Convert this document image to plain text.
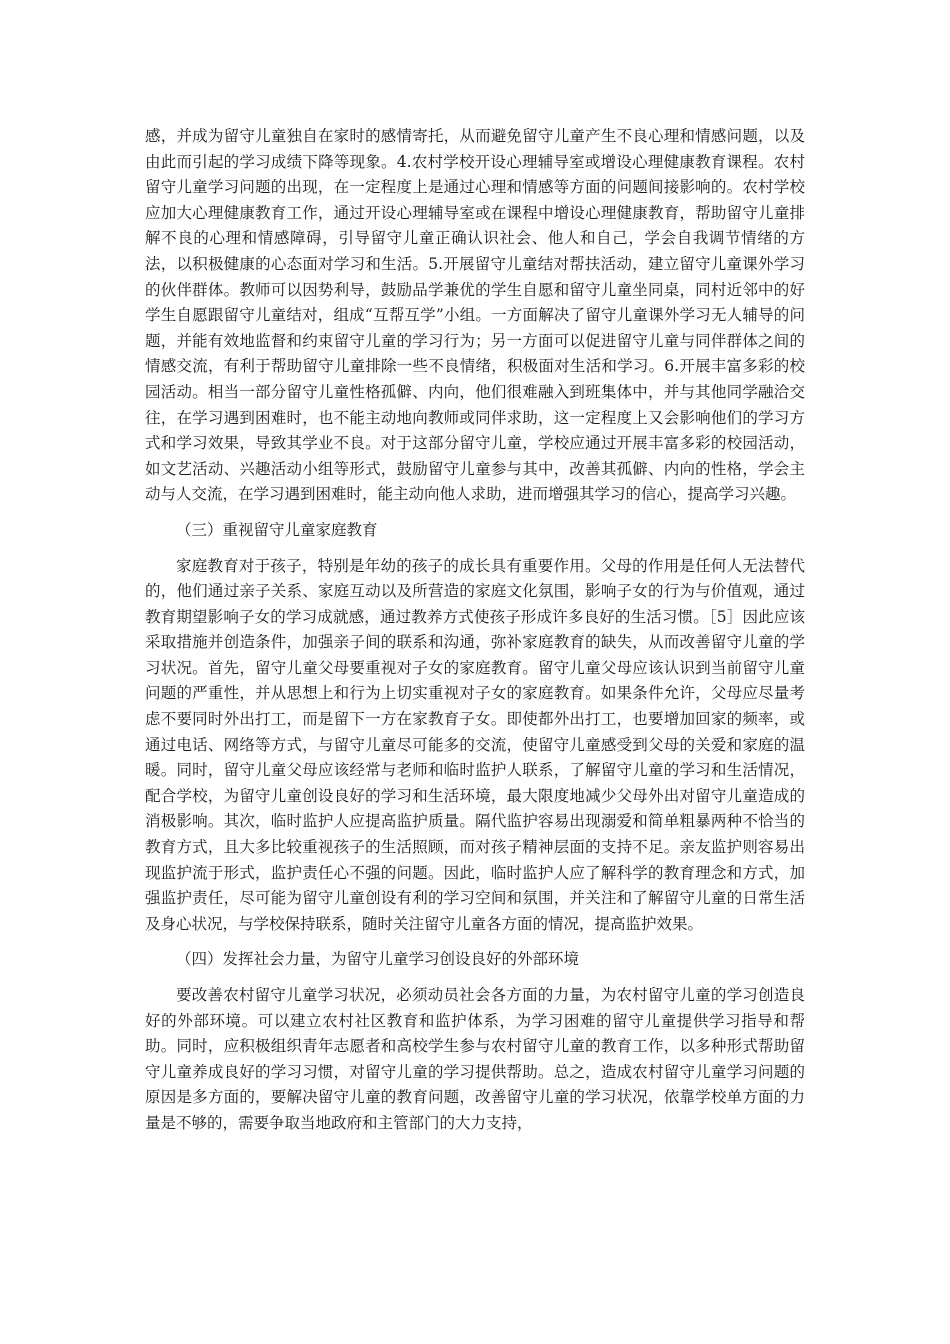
感，并成为留守儿童独自在家时的感情寄托，从而避免留守儿童产生不良心理和情感问题，以及由此而引起的学习成绩下降等现象。4.农村学校开设心理辅导室或增设心理健康教育课程。农村留守儿童学习问题的出现，在一定程度上是通过心理和情感等方面的问题间接影响的。农村学校应加大心理健康教育工作，通过开设心理辅导室或在课程中增设心理健康教育，帮助留守儿童排解不良的心理和情感障碍，引导留守儿童正确认识社会、他人和自己，学会自我调节情绪的方法，以积极健康的心态面对学习和生活。5.开展留守儿童结对帮扶活动，建立留守儿童课外学习的伙伴群体。教师可以因势利导，鼓励品学兼优的学生自愿和留守儿童坐同桌，同村近邻中的好学生自愿跟留守儿童结对，组成“互帮互学”小组。一方面解决了留守儿童课外学习无人辅导的问题，并能有效地监督和约束留守儿童的学习行为；另一方面可以促进留守儿童与同伴群体之间的情感交流，有利于帮助留守儿童排除一些不良情绪，积极面对生活和学习。6.开展丰富多彩的校园活动。相当一部分留守儿童性格孤僻、内向，他们很难融入到班集体中，并与其他同学融洽交往，在学习遇到困难时，也不能主动地向教师或同伴求助，这一定程度上又会影响他们的学习方式和学习效果，导致其学业不良。对于这部分留守儿童，学校应通过开展丰富多彩的校园活动，如文艺活动、兴趣活动小组等形式，鼓励留守儿童参与其中，改善其孤僻、内向的性格，学会主动与人交流，在学习遇到困难时，能主动向他人求助，进而增强其学习的信心，提高学习兴趣。

（三）重视留守儿童家庭教育

家庭教育对于孩子，特别是年幼的孩子的成长具有重要作用。父母的作用是任何人无法替代的，他们通过亲子关系、家庭互动以及所营造的家庭文化氛围，影响子女的行为与价值观，通过教育期望影响子女的学习成就感，通过教养方式使孩子形成许多良好的生活习惯。［5］因此应该采取措施并创造条件，加强亲子间的联系和沟通，弥补家庭教育的缺失，从而改善留守儿童的学习状况。首先，留守儿童父母要重视对子女的家庭教育。留守儿童父母应该认识到当前留守儿童问题的严重性，并从思想上和行为上切实重视对子女的家庭教育。如果条件允许，父母应尽量考虑不要同时外出打工，而是留下一方在家教育子女。即使都外出打工，也要增加回家的频率，或通过电话、网络等方式，与留守儿童尽可能多的交流，使留守儿童感受到父母的关爱和家庭的温暖。同时，留守儿童父母应该经常与老师和临时监护人联系，了解留守儿童的学习和生活情况，配合学校，为留守儿童创设良好的学习和生活环境，最大限度地减少父母外出对留守儿童造成的消极影响。其次，临时监护人应提高监护质量。隔代监护容易出现溺爱和简单粗暴两种不恰当的教育方式，且大多比较重视孩子的生活照顾，而对孩子精神层面的支持不足。亲友监护则容易出现监护流于形式，监护责任心不强的问题。因此，临时监护人应了解科学的教育理念和方式，加强监护责任，尽可能为留守儿童创设有利的学习空间和氛围，并关注和了解留守儿童的日常生活及身心状况，与学校保持联系，随时关注留守儿童各方面的情况，提高监护效果。

（四）发挥社会力量，为留守儿童学习创设良好的外部环境

要改善农村留守儿童学习状况，必须动员社会各方面的力量，为农村留守儿童的学习创造良好的外部环境。可以建立农村社区教育和监护体系，为学习困难的留守儿童提供学习指导和帮助。同时，应积极组织青年志愿者和高校学生参与农村留守儿童的教育工作，以多种形式帮助留守儿童养成良好的学习习惯，对留守儿童的学习提供帮助。总之，造成农村留守儿童学习问题的原因是多方面的，要解决留守儿童的教育问题，改善留守儿童的学习状况，依靠学校单方面的力量是不够的，需要争取当地政府和主管部门的大力支持，
